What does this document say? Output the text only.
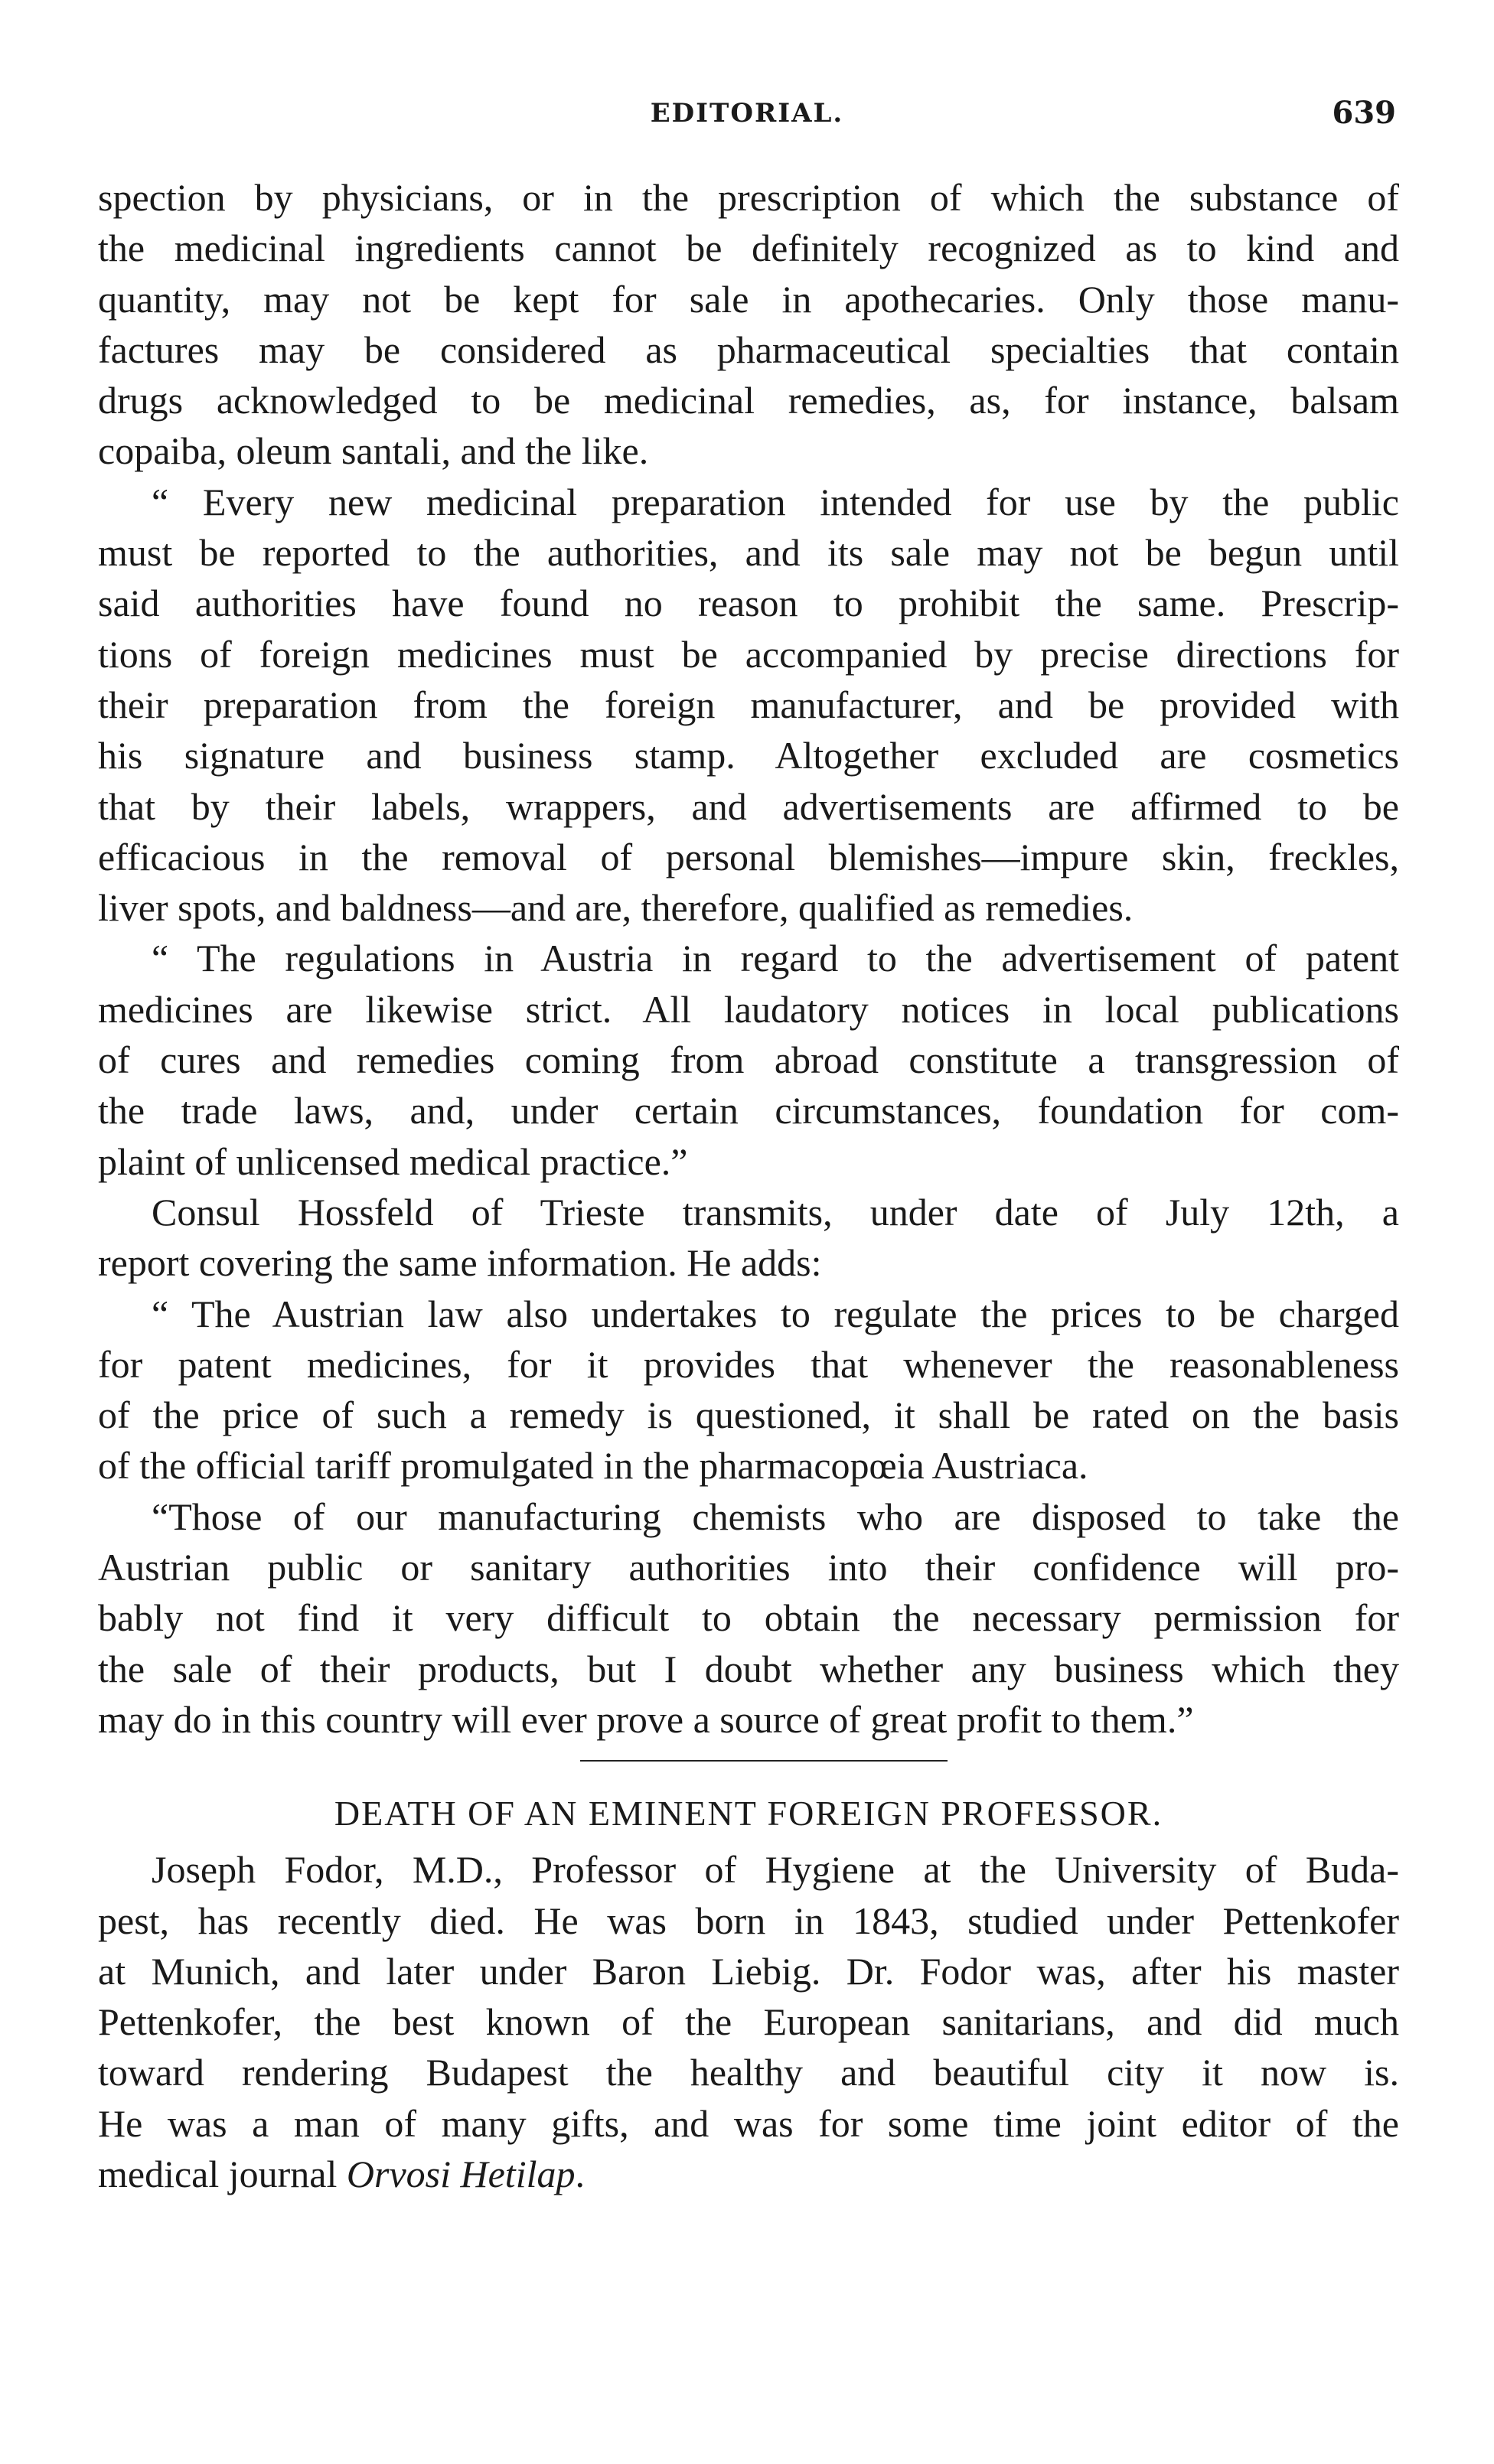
EDITORIAL.	639
spection by physicians, or in the prescription of which the substance of
the medicinal ingredients cannot be definitely recognized as to kind and
quantity, may not be kept for sale in apothecaries. Only those manu-
factures may be considered as pharmaceutical specialties that contain
drugs acknowledged to be medicinal remedies, as, for instance, balsam
copaiba, oleum santali, and the like.
“ Every new medicinal preparation intended for use by the public
must be reported to the authorities, and its sale may not be begun until
said authorities have found no reason to prohibit the same. Prescrip-
tions of foreign medicines must be accompanied by precise directions for
their preparation from the foreign manufacturer, and be provided with
his signature and business stamp. Altogether excluded are cosmetics
that by their labels, wrappers, and advertisements are affirmed to be
efficacious in the removal of personal blemishes—impure skin, freckles,
liver spots, and baldness—and are, therefore, qualified as remedies.
“ The regulations in Austria in regard to the advertisement of patent
medicines are likewise strict. All laudatory notices in local publications
of cures and remedies coming from abroad constitute a transgression of
the trade laws, and, under certain circumstances, foundation for com-
plaint of unlicensed medical practice.”
Consul Hossfeld of Trieste transmits, under date of July 12th, a
report covering the same information. He adds:
“ The Austrian law also undertakes to regulate the prices to be charged
for patent medicines, for it provides that whenever the reasonableness
of the price of such a remedy is questioned, it shall be rated on the basis
of the official tariff promulgated in the pharmacopœia Austriaca.
“Those of our manufacturing chemists who are disposed to take the
Austrian public or sanitary authorities into their confidence will pro-
bably not find it very difficult to obtain the necessary permission for
the sale of their products, but I doubt whether any business which they
may do in this country will ever prove a source of great profit to them.”
DEATH OF AN EMINENT FOREIGN PROFESSOR.
Joseph Fodor, M.D., Professor of Hygiene at the University of Buda-
pest, has recently died. He was born in 1843, studied under Pettenkofer
at Munich, and later under Baron Liebig. Dr. Fodor was, after his master
Pettenkofer, the best known of the European sanitarians, and did much
toward rendering Budapest the healthy and beautiful city it now is.
He was a man of many gifts, and was for some time joint editor of the
medical journal Orvosi Hetilap.
